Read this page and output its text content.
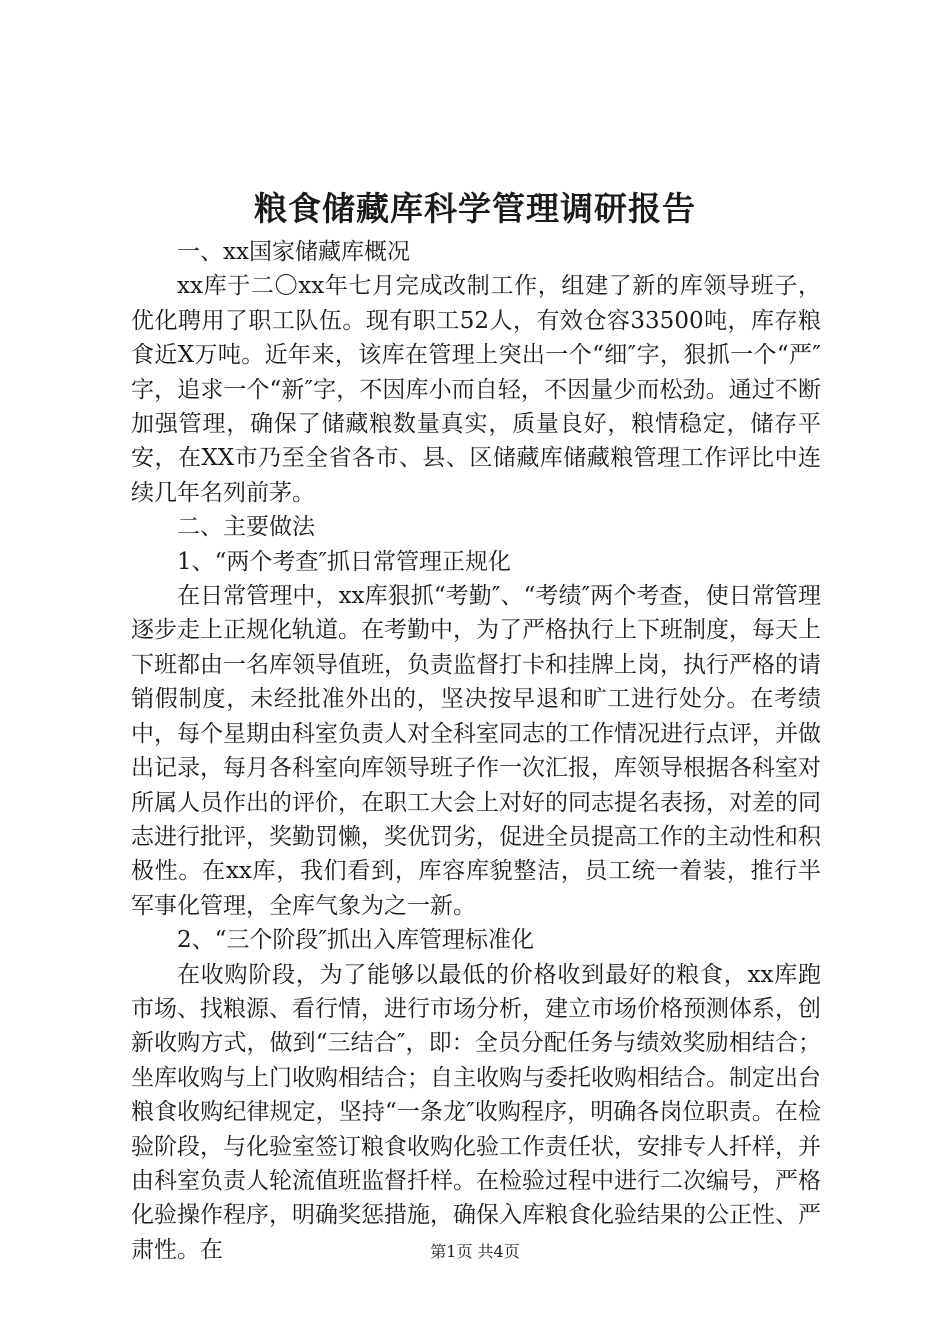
粮食储藏库科学管理调研报告

一、xx国家储藏库概况

xx库于二〇xx年七月完成改制工作，组建了新的库领导班子，优化聘用了职工队伍。现有职工52人，有效仓容33500吨，库存粮食近X万吨。近年来，该库在管理上突出一个“细″字，狠抓一个“严″字，追求一个“新″字，不因库小而自轻，不因量少而松劲。通过不断加强管理，确保了储藏粮数量真实，质量良好，粮情稳定，储存平安，在XX市乃至全省各市、县、区储藏库储藏粮管理工作评比中连续几年名列前茅。

二、主要做法

1、“两个考查″抓日常管理正规化

在日常管理中，xx库狠抓“考勤″、“考绩″两个考查，使日常管理逐步走上正规化轨道。在考勤中，为了严格执行上下班制度，每天上下班都由一名库领导值班，负责监督打卡和挂牌上岗，执行严格的请销假制度，未经批准外出的，坚决按早退和旷工进行处分。在考绩中，每个星期由科室负责人对全科室同志的工作情况进行点评，并做出记录，每月各科室向库领导班子作一次汇报，库领导根据各科室对所属人员作出的评价，在职工大会上对好的同志提名表扬，对差的同志进行批评，奖勤罚懒，奖优罚劣，促进全员提高工作的主动性和积极性。在xx库，我们看到，库容库貌整洁，员工统一着装，推行半军事化管理，全库气象为之一新。

2、“三个阶段″抓出入库管理标准化

在收购阶段，为了能够以最低的价格收到最好的粮食，xx库跑市场、找粮源、看行情，进行市场分析，建立市场价格预测体系，创新收购方式，做到“三结合″，即：全员分配任务与绩效奖励相结合；坐库收购与上门收购相结合；自主收购与委托收购相结合。制定出台粮食收购纪律规定，坚持“一条龙″收购程序，明确各岗位职责。在检验阶段，与化验室签订粮食收购化验工作责任状，安排专人扦样，并由科室负责人轮流值班监督扦样。在检验过程中进行二次编号，严格化验操作程序，明确奖惩措施，确保入库粮食化验结果的公正性、严肃性。在	第1页 共4页
